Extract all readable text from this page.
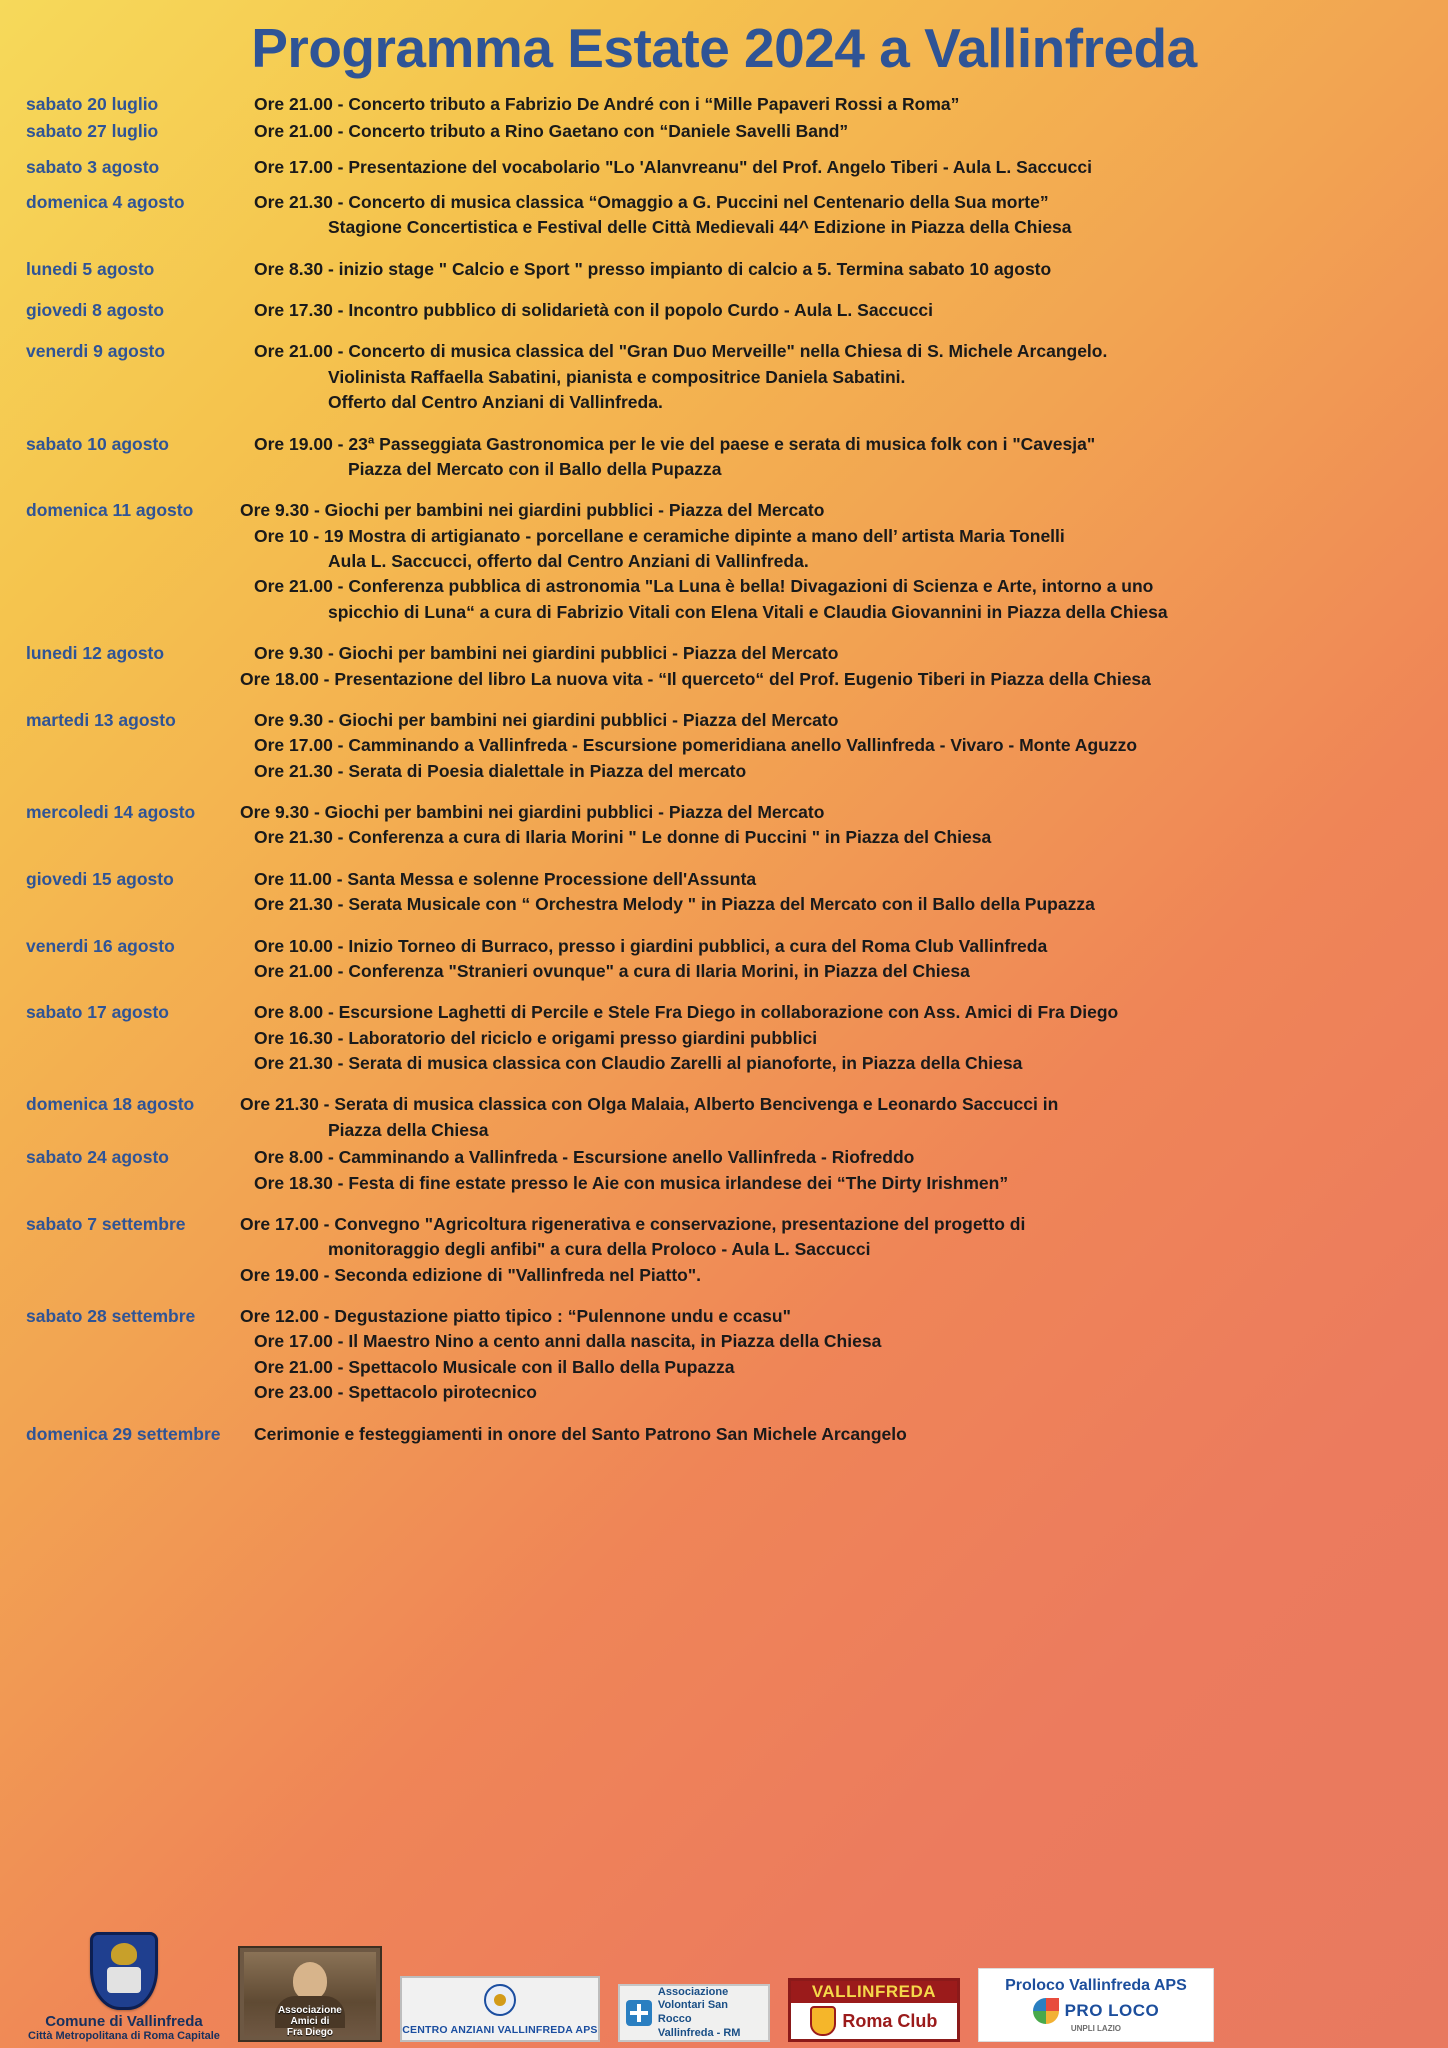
Programma Estate 2024 a Vallinfreda
sabato 20 luglio	Ore 21.00 - Concerto tributo a Fabrizio De André con i “Mille Papaveri Rossi a Roma”
sabato 27 luglio	Ore 21.00 - Concerto tributo a Rino Gaetano con “Daniele Savelli Band”
sabato 3 agosto	Ore 17.00 - Presentazione del vocabolario "Lo 'Alanvreanu" del Prof. Angelo Tiberi - Aula L. Saccucci
domenica 4 agosto	Ore 21.30 - Concerto di musica classica “Omaggio a G. Puccini nel Centenario della Sua morte”
Stagione Concertistica e Festival delle Città Medievali 44^ Edizione in Piazza della Chiesa
lunedi 5 agosto	Ore 8.30 - inizio stage " Calcio e Sport " presso impianto di calcio a 5. Termina sabato 10 agosto
giovedi 8 agosto	Ore 17.30 - Incontro pubblico di solidarietà con il popolo Curdo - Aula L. Saccucci
venerdi 9 agosto	Ore 21.00 - Concerto di musica classica del "Gran Duo Merveille" nella Chiesa di S. Michele Arcangelo.
Violinista Raffaella Sabatini, pianista e compositrice Daniela Sabatini.
Offerto dal Centro Anziani di Vallinfreda.
sabato 10 agosto	Ore 19.00 - 23ª Passeggiata Gastronomica per le vie del paese e serata di musica folk con i "Cavesja"
Piazza del Mercato con il Ballo della Pupazza
domenica 11 agosto	Ore 9.30 - Giochi per bambini nei giardini pubblici - Piazza del Mercato
Ore 10 - 19 Mostra di artigianato - porcellane e ceramiche dipinte a mano dell’ artista Maria Tonelli
Aula L. Saccucci, offerto dal Centro Anziani di Vallinfreda.
Ore 21.00 - Conferenza pubblica di astronomia "La Luna è bella! Divagazioni di Scienza e Arte, intorno a uno
spicchio di Luna“ a cura di Fabrizio Vitali con Elena Vitali e Claudia Giovannini in Piazza della Chiesa
lunedi 12 agosto	Ore 9.30 - Giochi per bambini nei giardini pubblici - Piazza del Mercato
Ore 18.00 - Presentazione del libro La nuova vita - “Il querceto“ del Prof. Eugenio Tiberi in Piazza della Chiesa
martedi 13 agosto	Ore 9.30 - Giochi per bambini nei giardini pubblici - Piazza del Mercato
Ore 17.00 - Camminando a Vallinfreda - Escursione pomeridiana anello Vallinfreda - Vivaro - Monte Aguzzo
Ore 21.30 - Serata di Poesia dialettale in Piazza del mercato
mercoledi 14 agosto	Ore 9.30 - Giochi per bambini nei giardini pubblici - Piazza del Mercato
Ore 21.30 - Conferenza a cura di Ilaria Morini " Le donne di Puccini " in Piazza del Chiesa
giovedi 15 agosto	Ore 11.00 - Santa Messa e solenne Processione dell'Assunta
Ore 21.30 - Serata Musicale con “ Orchestra Melody " in Piazza del Mercato con il Ballo della Pupazza
venerdi 16 agosto	Ore 10.00 - Inizio Torneo di Burraco, presso i giardini pubblici, a cura del Roma Club Vallinfreda
Ore 21.00 - Conferenza "Stranieri ovunque" a cura di Ilaria Morini, in Piazza del Chiesa
sabato 17 agosto	Ore 8.00 - Escursione Laghetti di Percile e Stele Fra Diego in collaborazione con Ass. Amici di Fra Diego
Ore 16.30 - Laboratorio del riciclo e origami presso giardini pubblici
Ore 21.30 - Serata di musica classica con Claudio Zarelli al pianoforte, in Piazza della Chiesa
domenica 18 agosto	Ore 21.30 - Serata di musica classica con Olga Malaia, Alberto Bencivenga e Leonardo Saccucci in
Piazza della Chiesa
sabato 24 agosto	Ore 8.00 - Camminando a Vallinfreda - Escursione anello Vallinfreda - Riofreddo
Ore 18.30 - Festa di fine estate presso le Aie con musica irlandese dei “The Dirty Irishmen”
sabato 7 settembre	Ore 17.00 - Convegno "Agricoltura rigenerativa e conservazione, presentazione del progetto di
monitoraggio degli anfibi" a cura della Proloco - Aula L. Saccucci
Ore 19.00 - Seconda edizione di "Vallinfreda nel Piatto".
sabato 28 settembre	Ore 12.00 - Degustazione piatto tipico : “Pulennone undu e ccasu"
Ore 17.00 - Il Maestro Nino a cento anni dalla nascita, in Piazza della Chiesa
Ore 21.00 - Spettacolo Musicale con il Ballo della Pupazza
Ore 23.00 - Spettacolo pirotecnico
domenica 29 settembre	Cerimonie e festeggiamenti in onore del Santo Patrono San Michele Arcangelo
Comune di Vallinfreda
Città Metropolitana di Roma Capitale
Associazione
Amici di
Fra Diego	CENTRO ANZIANI VALLINFREDA APS
Associazione
Volontari San Rocco
Vallinfreda - RM
VALLINFREDA
Roma Club
Proloco Vallinfreda APS
PRO LOCO
UNPLI LAZIO
